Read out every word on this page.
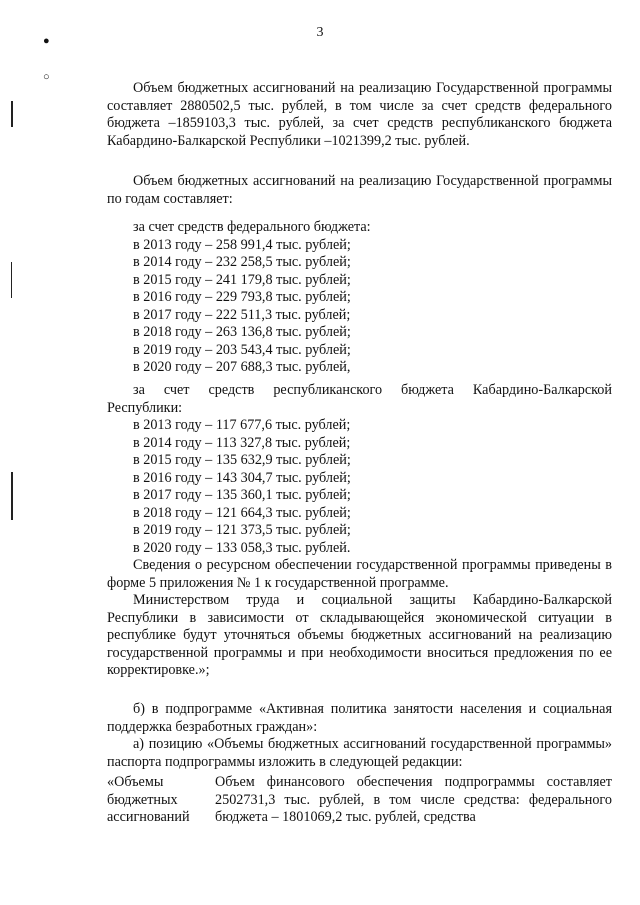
3
●
○
Объем бюджетных ассигнований на реализацию Государственной программы составляет 2880502,5 тыс. рублей, в том числе за счет средств федерального бюджета –1859103,3 тыс. рублей, за счет средств республиканского бюджета Кабардино-Балкарской Республики –1021399,2 тыс. рублей.
Объем бюджетных ассигнований на реализацию Государственной программы по годам составляет:
за счет средств федерального бюджета:
в 2013 году – 258 991,4 тыс. рублей;
в 2014 году – 232 258,5 тыс. рублей;
в 2015 году – 241 179,8 тыс. рублей;
в 2016 году – 229 793,8 тыс. рублей;
в 2017 году – 222 511,3 тыс. рублей;
в 2018 году – 263 136,8 тыс. рублей;
в 2019 году – 203 543,4 тыс. рублей;
в 2020 году – 207 688,3 тыс. рублей,
за счет средств республиканского бюджета Кабардино-Балкарской Республики:
в 2013 году – 117 677,6 тыс. рублей;
в 2014 году – 113 327,8 тыс. рублей;
в 2015 году – 135 632,9 тыс. рублей;
в 2016 году – 143 304,7 тыс. рублей;
в 2017 году – 135 360,1 тыс. рублей;
в 2018 году – 121 664,3 тыс. рублей;
в 2019 году – 121 373,5 тыс. рублей;
в 2020 году – 133 058,3 тыс. рублей.
Сведения о ресурсном обеспечении государственной программы приведены в форме 5 приложения № 1 к государственной программе.
Министерством труда и социальной защиты Кабардино-Балкарской Республики в зависимости от складывающейся экономической ситуации в республике будут уточняться объемы бюджетных ассигнований на реализацию государственной программы и при необходимости вноситься предложения по ее корректировке.»;
б) в подпрограмме «Активная политика занятости населения и социальная поддержка безработных граждан»:
а) позицию «Объемы бюджетных ассигнований государственной программы» паспорта подпрограммы изложить в следующей редакции:
«Объемы
бюджетных
ассигнований
	Объем финансового обеспечения подпрограммы составляет 2502731,3 тыс. рублей, в том числе средства: федерального бюджета – 1801069,2 тыс. рублей, средства
